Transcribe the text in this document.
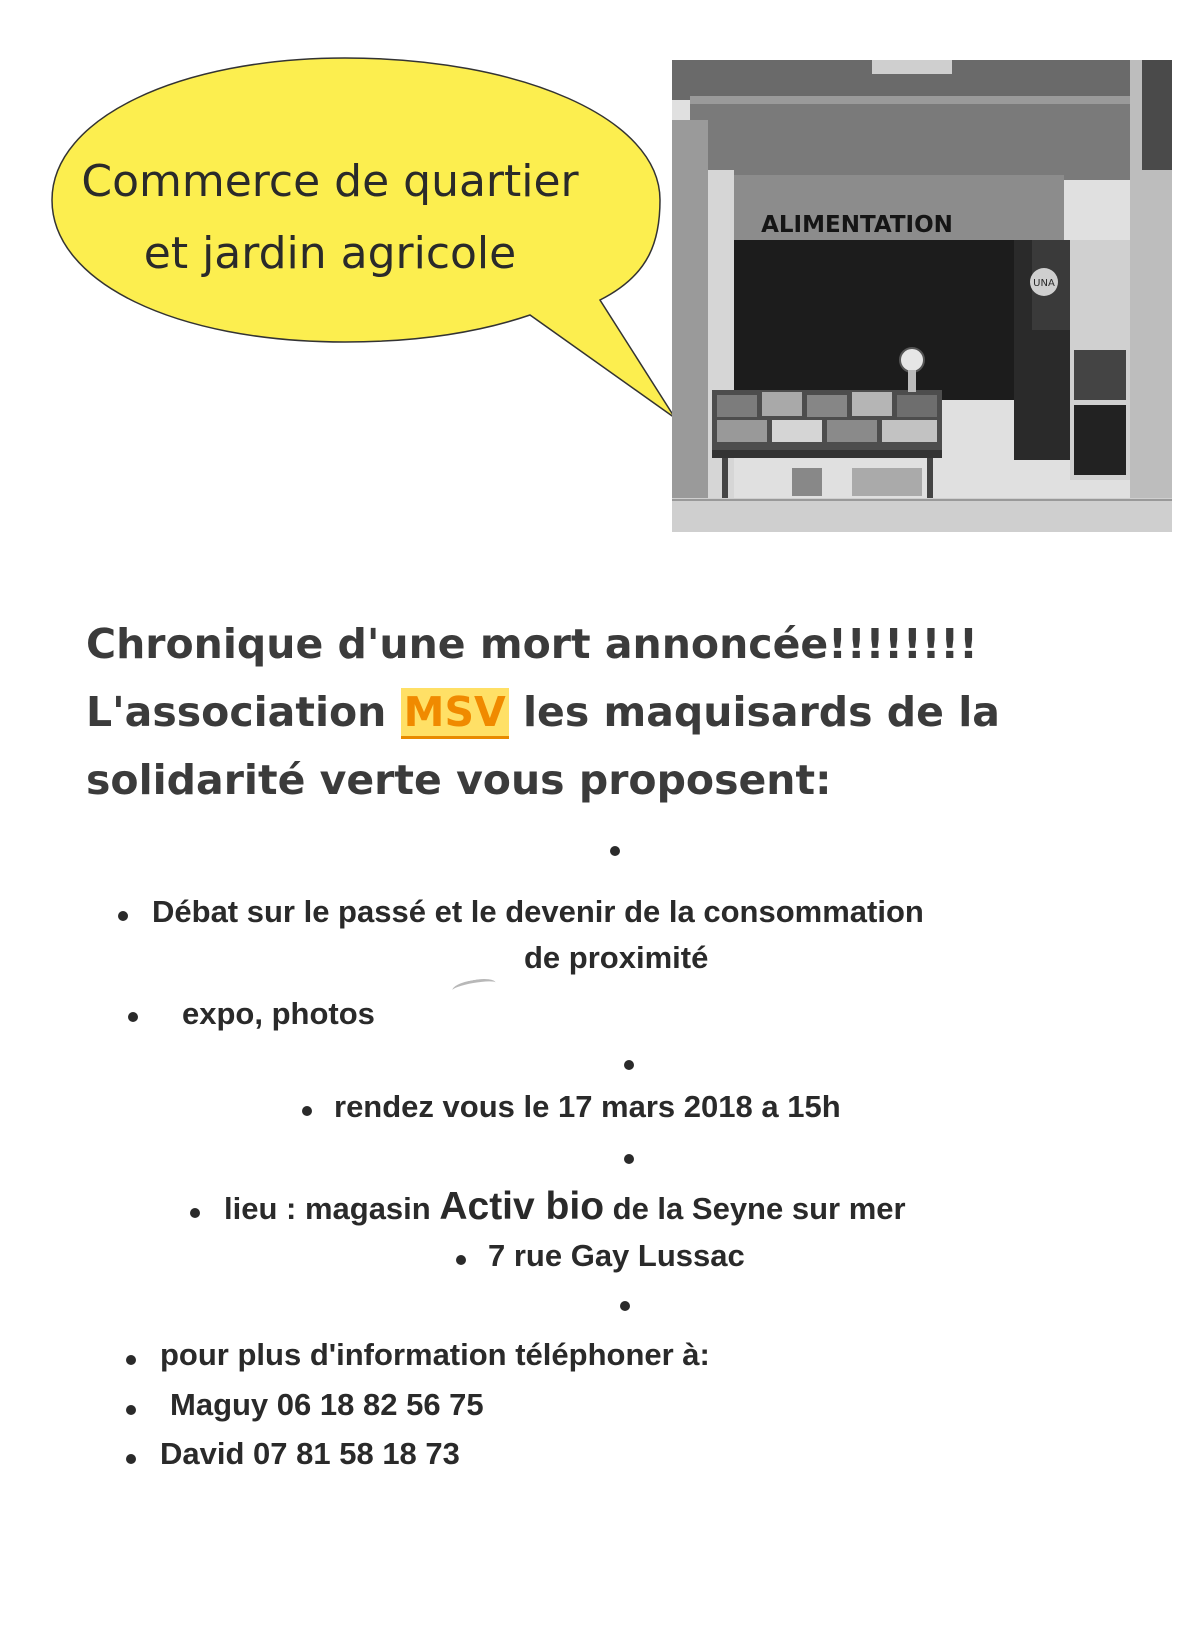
Commerce de quartier
et jardin agricole
ALIMENTATION
UNA
Chronique d'une mort annoncée!!!!!!!!
L'association MSV les maquisards de la
solidarité verte vous proposent:
Débat sur le passé et le devenir de la consommation
de proximité
expo, photos
rendez vous le 17 mars 2018 a 15h
lieu : magasin Activ bio de la Seyne sur mer
7 rue Gay Lussac
pour plus d'information téléphoner à:
Maguy 06 18 82 56 75
David 07 81 58 18 73
